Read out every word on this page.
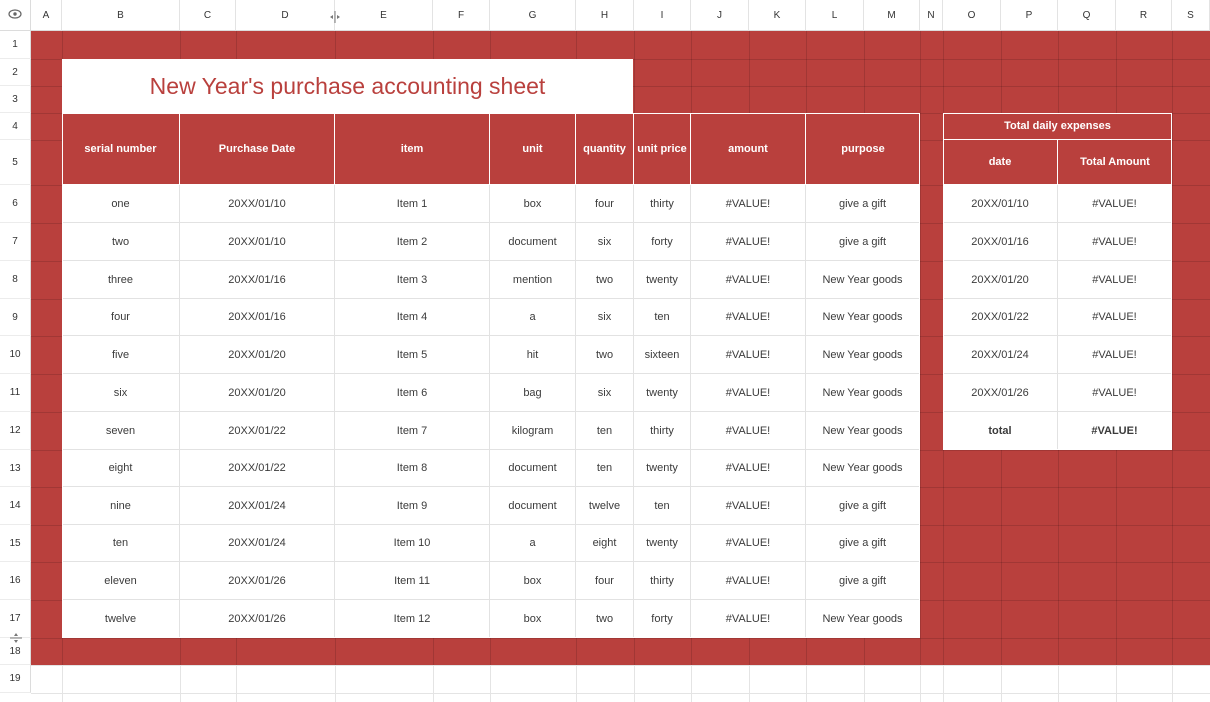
A	B	C	D	E	F	G	H	I	J	K	L	M	N	O	P	Q	R	S
1
2
3
4
5
6
7
8
9
10
11
12
13
14
15
16
17
18
19
New Year's purchase accounting sheet
serial number	Purchase Date	item	unit	quantity	unit price	amount	purpose
one	20XX/01/10	Item 1	box	four	thirty	#VALUE!	give a gift
two	20XX/01/10	Item 2	document	six	forty	#VALUE!	give a gift
three	20XX/01/16	Item 3	mention	two	twenty	#VALUE!	New Year goods
four	20XX/01/16	Item 4	a	six	ten	#VALUE!	New Year goods
five	20XX/01/20	Item 5	hit	two	sixteen	#VALUE!	New Year goods
six	20XX/01/20	Item 6	bag	six	twenty	#VALUE!	New Year goods
seven	20XX/01/22	Item 7	kilogram	ten	thirty	#VALUE!	New Year goods
eight	20XX/01/22	Item 8	document	ten	twenty	#VALUE!	New Year goods
nine	20XX/01/24	Item 9	document	twelve	ten	#VALUE!	give a gift
ten	20XX/01/24	Item 10	a	eight	twenty	#VALUE!	give a gift
eleven	20XX/01/26	Item 11	box	four	thirty	#VALUE!	give a gift
twelve	20XX/01/26	Item 12	box	two	forty	#VALUE!	New Year goods
Total daily expenses
date	Total Amount
20XX/01/10	#VALUE!
20XX/01/16	#VALUE!
20XX/01/20	#VALUE!
20XX/01/22	#VALUE!
20XX/01/24	#VALUE!
20XX/01/26	#VALUE!
total	#VALUE!
